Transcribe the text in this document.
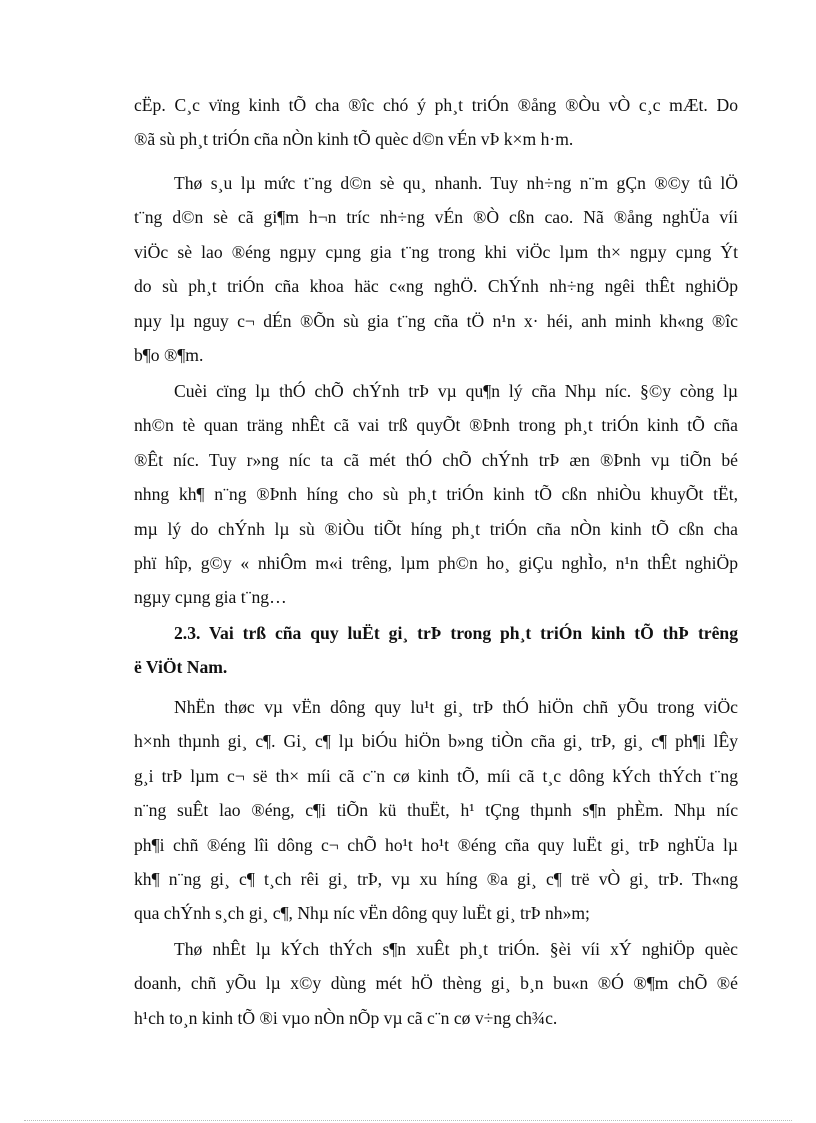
cËp. C¸c vïng kinh tÕ cha ®îc chó ý ph¸t triÓn ®ång ®Òu vÒ c¸c mÆt. Do
®ã sù ph¸t triÓn cña nÒn kinh tÕ quèc d©n vÉn vÞ k×m h·m.

Thø s¸u lµ mức t¨ng d©n sè qu¸ nhanh. Tuy nh÷ng n¨m gÇn ®©y tû lÖ
t¨ng d©n sè cã gi¶m h¬n tríc nh÷ng vÉn ®Ò cßn cao. Nã ®ång nghÜa víi
viÖc sè lao ®éng ngµy cµng gia t¨ng trong khi viÖc lµm th× ngµy cµng Ýt
do sù ph¸t triÓn cña khoa häc c«ng nghÖ. ChÝnh nh÷ng ngêi thÊt nghiÖp
nµy lµ nguy c¬ dÉn ®Õn sù gia t¨ng cña tÖ n¹n x· héi, anh minh kh«ng ®îc
b¶o ®¶m.

Cuèi cïng lµ thÓ chÕ chÝnh trÞ vµ qu¶n lý cña Nhµ níc. §©y còng lµ
nh©n tè quan träng nhÊt cã vai trß quyÕt ®Þnh trong ph¸t triÓn kinh tÕ cña
®Êt níc. Tuy r»ng níc ta cã mét thÓ chÕ chÝnh trÞ æn ®Þnh vµ tiÕn bé
nhng kh¶ n¨ng ®Þnh híng cho sù ph¸t triÓn kinh tÕ cßn nhiÒu khuyÕt tËt,
mµ lý do chÝnh lµ sù ®iÒu tiÕt híng ph¸t triÓn cña nÒn kinh tÕ cßn cha
phï hîp, g©y « nhiÔm m«i trêng, lµm ph©n ho¸ giÇu nghÌo, n¹n thÊt nghiÖp
ngµy cµng gia t¨ng…

2.3. Vai trß cña quy luËt gi¸ trÞ trong ph¸t triÓn kinh tÕ thÞ trêng
ë ViÖt Nam.

NhËn thøc vµ vËn dông quy lu¹t gi¸ trÞ thÓ hiÖn chñ yÕu trong viÖc
h×nh thµnh gi¸ c¶. Gi¸ c¶ lµ biÓu hiÖn b»ng tiÒn cña gi¸ trÞ, gi¸ c¶ ph¶i lÊy
g¸i trÞ lµm c¬ së th× míi cã c¨n cø kinh tÕ, míi cã t¸c dông kÝch thÝch t¨ng
n¨ng suÊt lao ®éng, c¶i tiÕn kü thuËt, h¹ tÇng thµnh s¶n phÈm. Nhµ níc
ph¶i chñ ®éng lîi dông c¬ chÕ ho¹t ho¹t ®éng cña quy luËt gi¸ trÞ nghÜa lµ
kh¶ n¨ng gi¸ c¶ t¸ch rêi gi¸ trÞ, vµ xu híng ®a gi¸ c¶ trë vÒ gi¸ trÞ. Th«ng
qua chÝnh s¸ch gi¸ c¶, Nhµ níc vËn dông quy luËt gi¸ trÞ nh»m;

Thø nhÊt lµ kÝch thÝch s¶n xuÊt ph¸t triÓn. §èi víi xÝ nghiÖp quèc
doanh, chñ yÕu lµ x©y dùng mét hÖ thèng gi¸ b¸n bu«n ®Ó ®¶m chÕ ®é
h¹ch to¸n kinh tÕ ®i vµo nÒn nÕp vµ cã c¨n cø v÷ng ch¾c.
